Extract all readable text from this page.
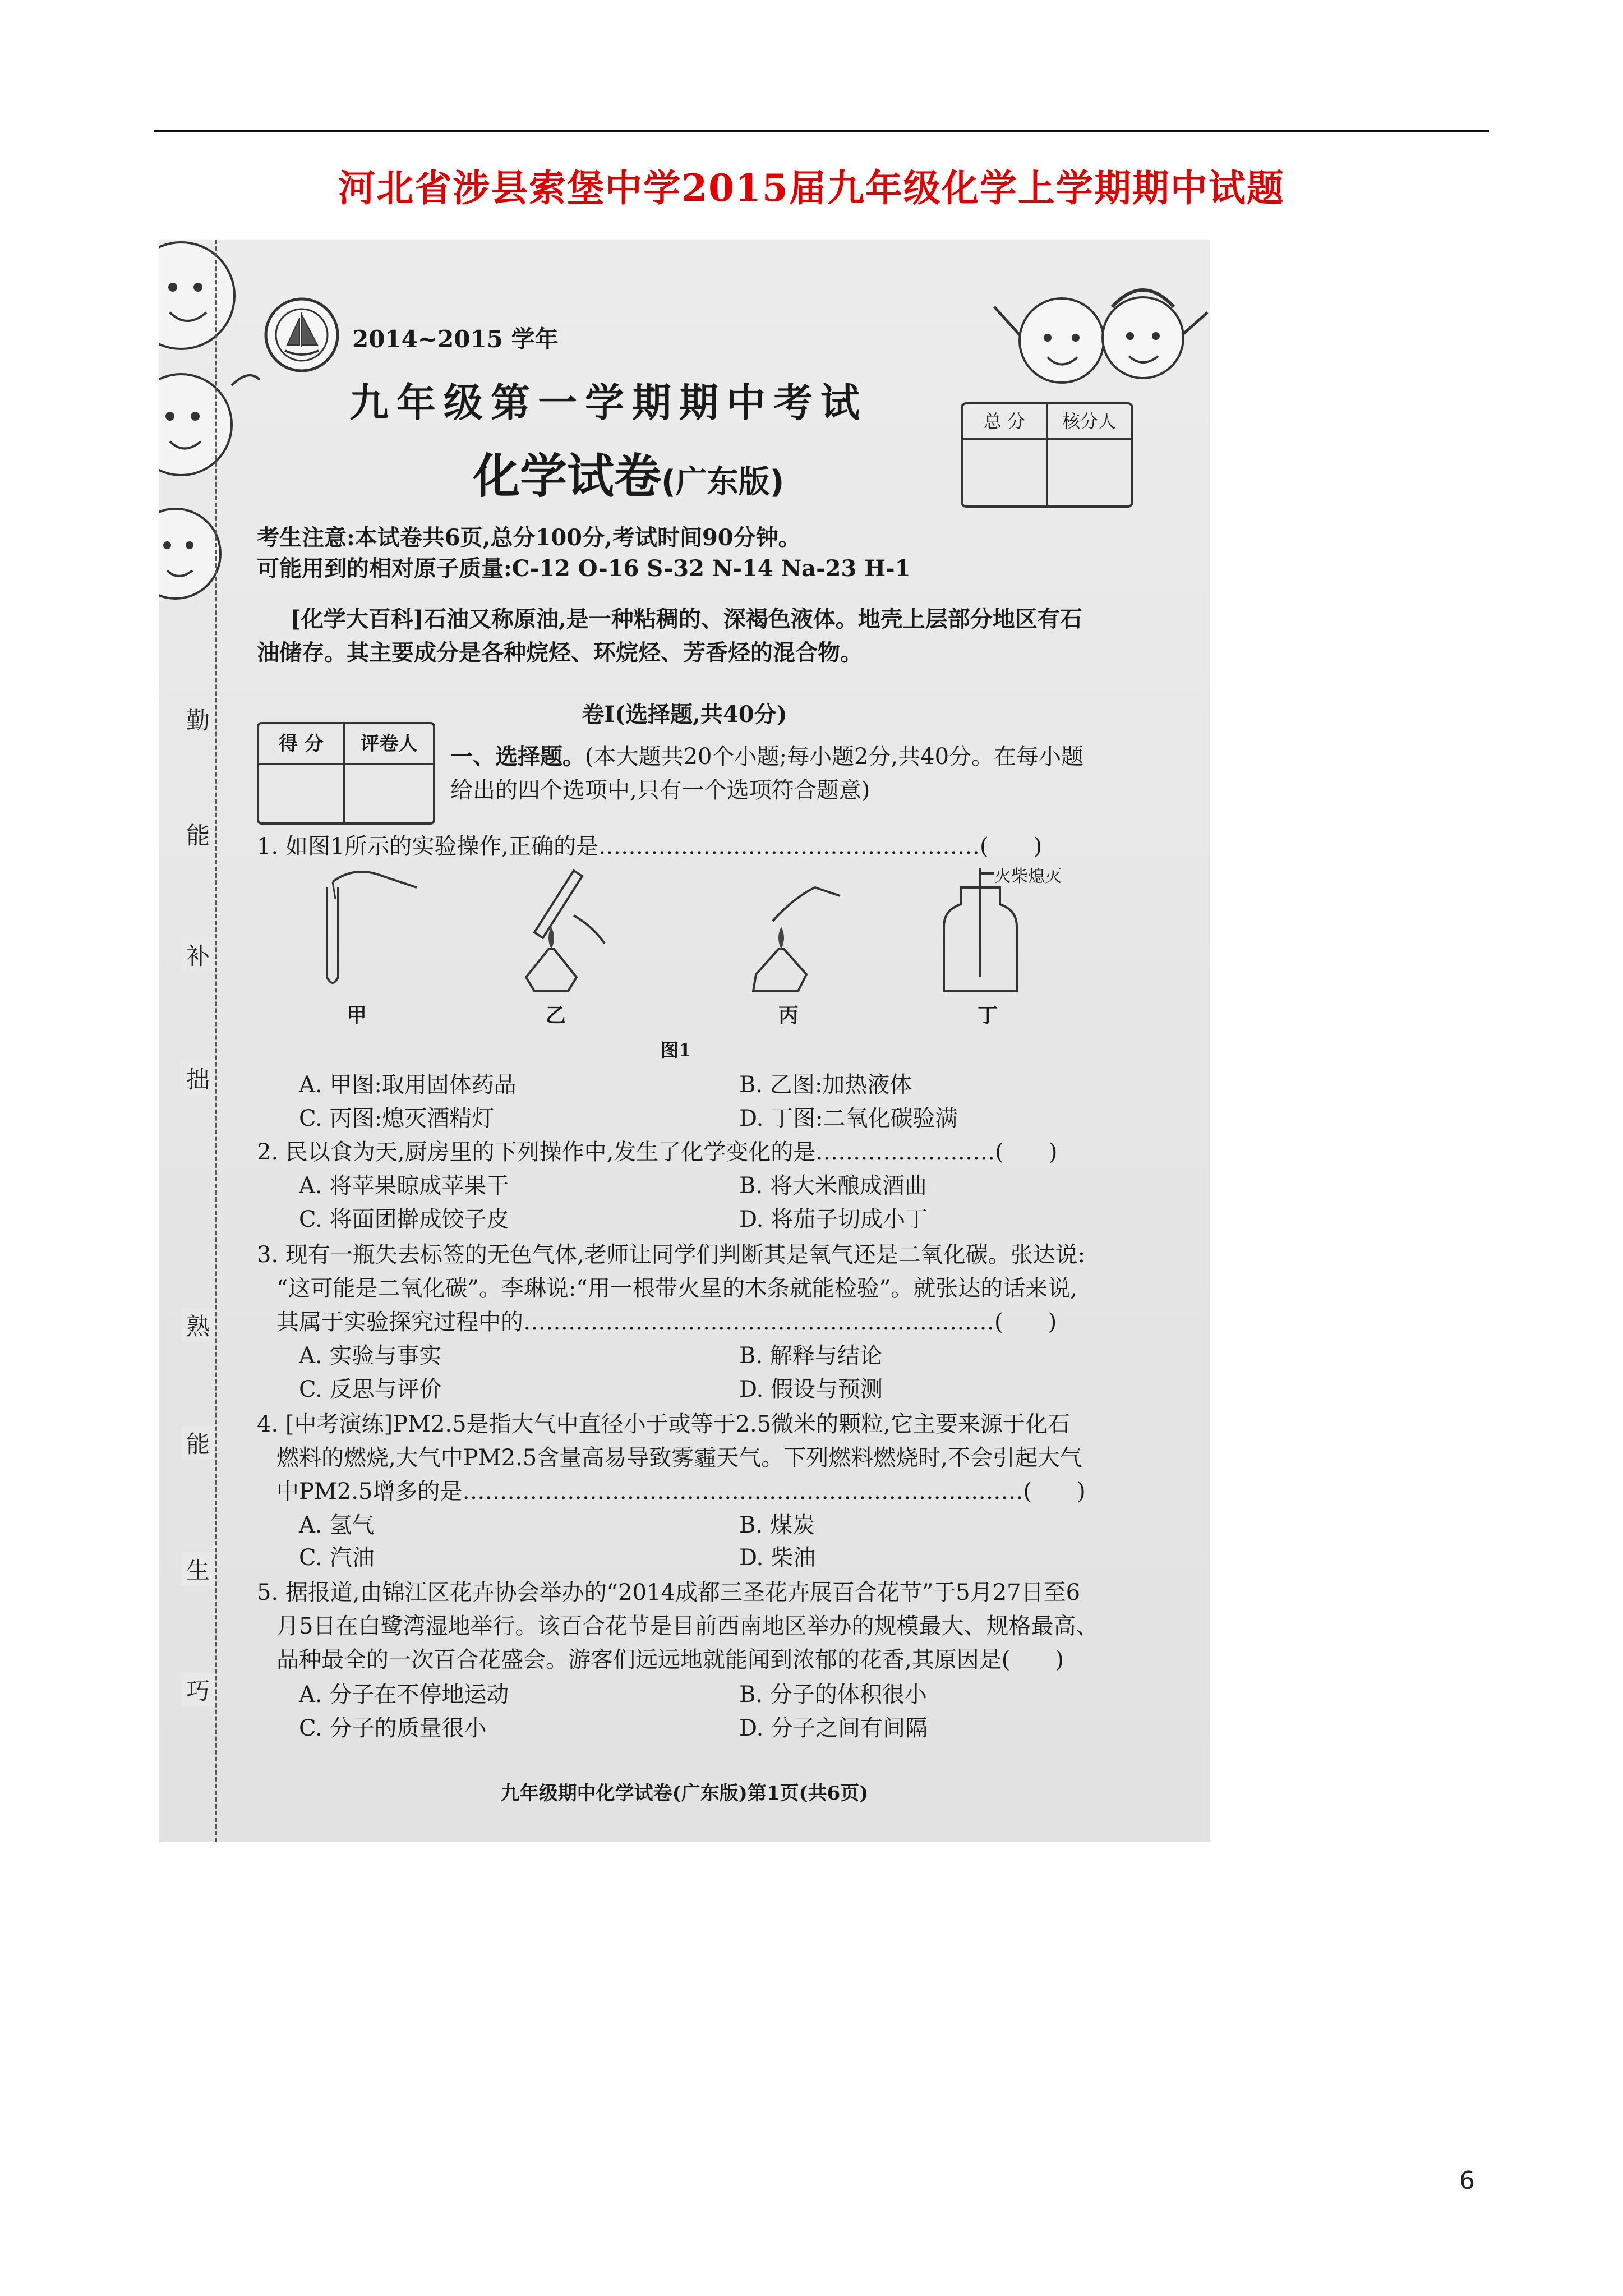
河北省涉县索堡中学2015届九年级化学上学期期中试题
勤
能
补
拙
熟
能
生
巧
2014~2015 学年
九年级第一学期期中考试
化学试卷(广东版)
总 分	核分人
考生注意:本试卷共6页,总分100分,考试时间90分钟。
可能用到的相对原子质量:C-12 O-16 S-32 N-14 Na-23 H-1
[化学大百科]石油又称原油,是一种粘稠的、深褐色液体。地壳上层部分地区有石
油储存。其主要成分是各种烷烃、环烷烃、芳香烃的混合物。
卷Ⅰ(选择题,共40分)
得 分	评卷人	一、选择题。(本大题共20个小题;每小题2分,共40分。在每小题
给出的四个选项中,只有一个选项符合题意)
1. 如图1所示的实验操作,正确的是……………………………………………(　　)
火柴熄灭
甲	乙	丙	丁
图1
A. 甲图:取用固体药品	B. 乙图:加热液体
C. 丙图:熄灭酒精灯	D. 丁图:二氧化碳验满
2. 民以食为天,厨房里的下列操作中,发生了化学变化的是……………………(　　)
A. 将苹果晾成苹果干	B. 将大米酿成酒曲
C. 将面团擀成饺子皮	D. 将茄子切成小丁
3. 现有一瓶失去标签的无色气体,老师让同学们判断其是氧气还是二氧化碳。张达说:
“这可能是二氧化碳”。李琳说:“用一根带火星的木条就能检验”。就张达的话来说,
其属于实验探究过程中的………………………………………………………(　　)
A. 实验与事实	B. 解释与结论
C. 反思与评价	D. 假设与预测
4. [中考演练]PM2.5是指大气中直径小于或等于2.5微米的颗粒,它主要来源于化石
燃料的燃烧,大气中PM2.5含量高易导致雾霾天气。下列燃料燃烧时,不会引起大气
中PM2.5增多的是…………………………………………………………………(　　)
A. 氢气	B. 煤炭
C. 汽油	D. 柴油
5. 据报道,由锦江区花卉协会举办的“2014成都三圣花卉展百合花节”于5月27日至6
月5日在白鹭湾湿地举行。该百合花节是目前西南地区举办的规模最大、规格最高、
品种最全的一次百合花盛会。游客们远远地就能闻到浓郁的花香,其原因是(　　)
A. 分子在不停地运动	B. 分子的体积很小
C. 分子的质量很小	D. 分子之间有间隔
九年级期中化学试卷(广东版)第1页(共6页)
6
